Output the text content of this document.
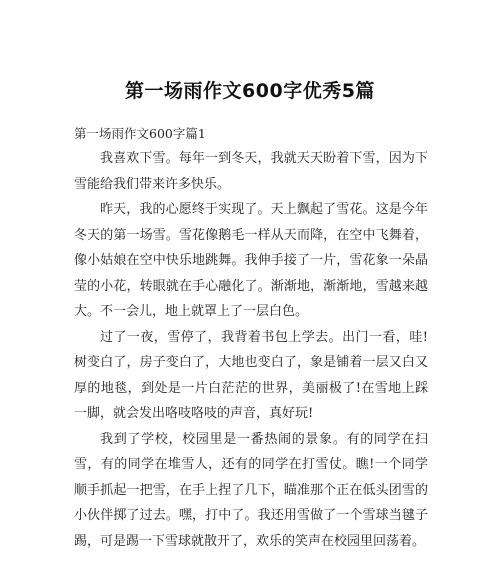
第一场雨作文600字优秀5篇
第一场雨作文600字篇1

我喜欢下雪。每年一到冬天，我就天天盼着下雪，因为下雪能给我们带来许多快乐。

昨天，我的心愿终于实现了。天上飘起了雪花。这是今年冬天的第一场雪。雪花像鹅毛一样从天而降，在空中飞舞着，像小姑娘在空中快乐地跳舞。我伸手接了一片，雪花象一朵晶莹的小花，转眼就在手心融化了。渐渐地，渐渐地，雪越来越大。不一会儿，地上就罩上了一层白色。

过了一夜，雪停了，我背着书包上学去。出门一看，哇!树变白了，房子变白了，大地也变白了，象是铺着一层又白又厚的地毯，到处是一片白茫茫的世界，美丽极了!在雪地上踩一脚，就会发出咯吱咯吱的声音，真好玩!

我到了学校，校园里是一番热闹的景象。有的同学在扫雪，有的同学在堆雪人，还有的同学在打雪仗。瞧!一个同学顺手抓起一把雪，在手上捏了几下，瞄准那个正在低头团雪的小伙伴掷了过去。嘿，打中了。我还用雪做了一个雪球当毽子踢，可是踢一下雪球就散开了，欢乐的笑声在校园里回荡着。
